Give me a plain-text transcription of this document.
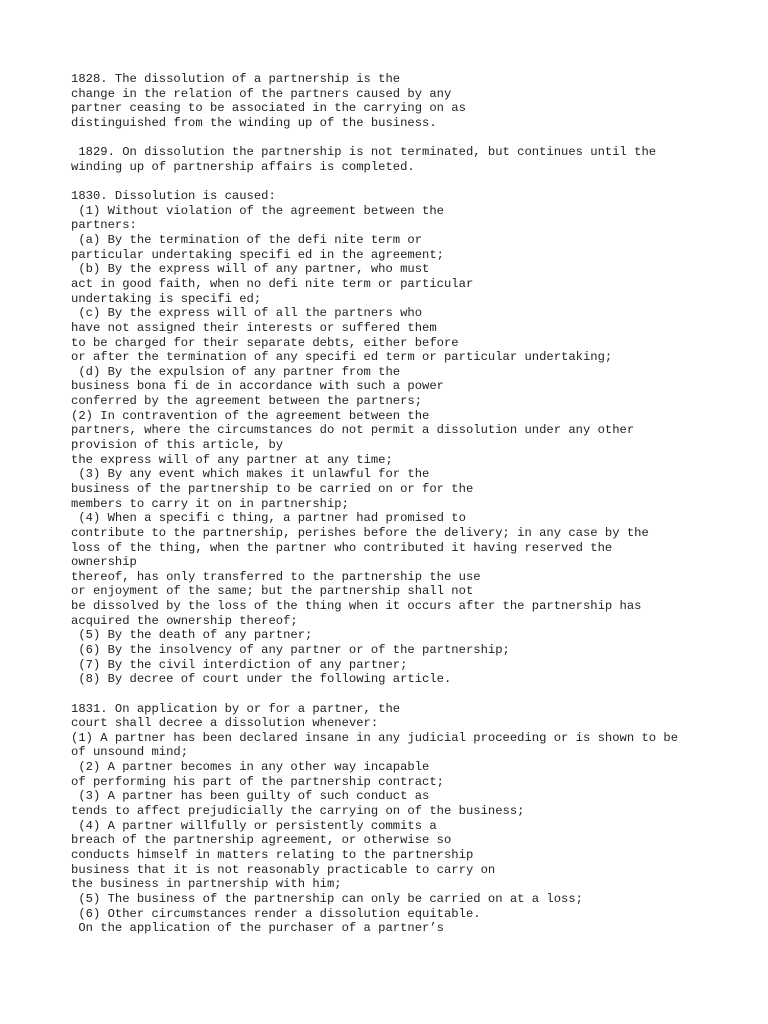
1828. The dissolution of a partnership is the
change in the relation of the partners caused by any
partner ceasing to be associated in the carrying on as
distinguished from the winding up of the business.
1829. On dissolution the partnership is not terminated, but continues until the
winding up of partnership affairs is completed.
1830. Dissolution is caused:
(1) Without violation of the agreement between the
partners:
(a) By the termination of the defi nite term or
particular undertaking specifi ed in the agreement;
(b) By the express will of any partner, who must
act in good faith, when no defi nite term or particular
undertaking is specifi ed;
(c) By the express will of all the partners who
have not assigned their interests or suffered them
to be charged for their separate debts, either before
or after the termination of any specifi ed term or particular undertaking;
(d) By the expulsion of any partner from the
business bona fi de in accordance with such a power
conferred by the agreement between the partners;
(2) In contravention of the agreement between the
partners, where the circumstances do not permit a dissolution under any other
provision of this article, by
the express will of any partner at any time;
(3) By any event which makes it unlawful for the
business of the partnership to be carried on or for the
members to carry it on in partnership;
(4) When a specifi c thing, a partner had promised to
contribute to the partnership, perishes before the delivery; in any case by the
loss of the thing, when the partner who contributed it having reserved the
ownership
thereof, has only transferred to the partnership the use
or enjoyment of the same; but the partnership shall not
be dissolved by the loss of the thing when it occurs after the partnership has
acquired the ownership thereof;
(5) By the death of any partner;
(6) By the insolvency of any partner or of the partnership;
(7) By the civil interdiction of any partner;
(8) By decree of court under the following article.
1831. On application by or for a partner, the
court shall decree a dissolution whenever:
(1) A partner has been declared insane in any judicial proceeding or is shown to be
of unsound mind;
(2) A partner becomes in any other way incapable
of performing his part of the partnership contract;
(3) A partner has been guilty of such conduct as
tends to affect prejudicially the carrying on of the business;
(4) A partner willfully or persistently commits a
breach of the partnership agreement, or otherwise so
conducts himself in matters relating to the partnership
business that it is not reasonably practicable to carry on
the business in partnership with him;
(5) The business of the partnership can only be carried on at a loss;
(6) Other circumstances render a dissolution equitable.
On the application of the purchaser of a partner’s
